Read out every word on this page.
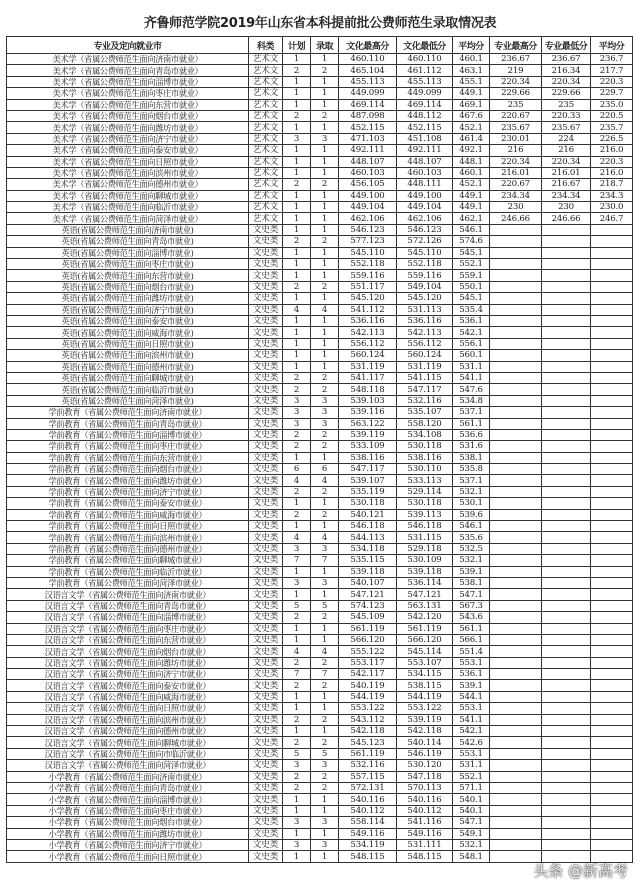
齐鲁师范学院2019年山东省本科提前批公费师范生录取情况表
专业及定向就业市	科类	计划	录取	文化最高分	文化最低分	平均分	专业最高分	专业最低分	平均分
美术学（省属公费师范生面向济南市就业）	艺术文	1	1	460.110	460.110	460.1	236.67	236.67	236.7
美术学（省属公费师范生面向青岛市就业）	艺术文	2	2	465.104	461.112	463.1	219	216.34	217.7
美术学（省属公费师范生面向淄博市就业）	艺术文	1	1	455.113	455.113	455.1	220.34	220.34	220.3
美术学（省属公费师范生面向枣庄市就业）	艺术文	1	1	449.099	449.099	449.1	229.66	229.66	229.7
美术学（省属公费师范生面向东营市就业）	艺术文	1	1	469.114	469.114	469.1	235	235	235.0
美术学（省属公费师范生面向烟台市就业）	艺术文	2	2	487.098	448.112	467.6	220.67	220.33	220.5
美术学（省属公费师范生面向潍坊市就业）	艺术文	1	1	452.115	452.115	452.1	235.67	235.67	235.7
美术学（省属公费师范生面向济宁市就业）	艺术文	3	3	471.103	451.108	461.4	230.01	224	226.5
美术学（省属公费师范生面向泰安市就业）	艺术文	1	1	492.111	492.111	492.1	216	216	216.0
美术学（省属公费师范生面向日照市就业）	艺术文	1	1	448.107	448.107	448.1	220.34	220.34	220.3
美术学（省属公费师范生面向滨州市就业）	艺术文	1	1	460.103	460.103	460.1	216.01	216.01	216.0
美术学（省属公费师范生面向德州市就业）	艺术文	2	2	456.105	448.111	452.1	220.67	216.67	218.7
美术学（省属公费师范生面向聊城市就业）	艺术文	1	1	449.100	449.100	449.1	234.34	234.34	234.3
美术学（省属公费师范生面向临沂市就业）	艺术文	1	1	449.104	449.104	449.1	230	230	230.0
美术学（省属公费师范生面向菏泽市就业）	艺术文	1	1	462.106	462.106	462.1	246.66	246.66	246.7
英语(省属公费师范生面向济南市就业)	文史类	1	1	546.123	546.123	546.1			
英语(省属公费师范生面向青岛市就业)	文史类	2	2	577.123	572.126	574.6			
英语(省属公费师范生面向淄博市就业)	文史类	1	1	545.110	545.110	545.1			
英语(省属公费师范生面向枣庄市就业)	文史类	1	1	552.118	552.118	552.1			
英语(省属公费师范生面向东营市就业)	文史类	1	1	559.116	559.116	559.1			
英语(省属公费师范生面向烟台市就业)	文史类	2	2	551.117	549.104	550.1			
英语(省属公费师范生面向潍坊市就业)	文史类	1	1	545.120	545.120	545.1			
英语(省属公费师范生面向济宁市就业)	文史类	4	4	541.112	531.113	535.4			
英语(省属公费师范生面向泰安市就业)	文史类	1	1	536.116	536.116	536.1			
英语(省属公费师范生面向威海市就业)	文史类	1	1	542.113	542.113	542.1			
英语(省属公费师范生面向日照市就业)	文史类	1	1	556.112	556.112	556.1			
英语(省属公费师范生面向滨州市就业)	文史类	1	1	560.124	560.124	560.1			
英语(省属公费师范生面向德州市就业)	文史类	1	1	531.119	531.119	531.1			
英语(省属公费师范生面向聊城市就业)	文史类	2	2	541.117	541.115	541.1			
英语(省属公费师范生面向临沂市就业)	文史类	2	2	548.118	547.117	547.6			
英语(省属公费师范生面向菏泽市就业)	文史类	3	3	539.103	532.116	534.8			
学前教育（省属公费师范生面向济南市就业）	文史类	3	3	539.116	535.107	537.1			
学前教育（省属公费师范生面向青岛市就业）	文史类	3	3	563.122	558.120	561.1			
学前教育（省属公费师范生面向淄博市就业）	文史类	2	2	539.119	534.108	536.6			
学前教育（省属公费师范生面向枣庄市就业）	文史类	2	2	533.109	530.118	531.6			
学前教育（省属公费师范生面向东营市就业）	文史类	1	1	538.116	538.116	538.1			
学前教育（省属公费师范生面向烟台市就业）	文史类	6	6	547.117	530.110	535.8			
学前教育（省属公费师范生面向潍坊市就业）	文史类	4	4	539.107	533.113	537.1			
学前教育（省属公费师范生面向济宁市就业）	文史类	2	2	535.119	529.114	532.1			
学前教育（省属公费师范生面向泰安市就业）	文史类	1	1	530.118	530.118	530.1			
学前教育（省属公费师范生面向威海市就业）	文史类	2	2	540.121	539.113	539.6			
学前教育（省属公费师范生面向日照市就业）	文史类	1	1	546.118	546.118	546.1			
学前教育（省属公费师范生面向滨州市就业）	文史类	4	4	544.113	531.115	535.6			
学前教育（省属公费师范生面向德州市就业）	文史类	3	3	534.118	529.118	532.5			
学前教育（省属公费师范生面向聊城市就业）	文史类	7	7	535.115	530.109	532.1			
学前教育（省属公费师范生面向临沂市就业）	文史类	1	1	539.118	539.118	539.1			
学前教育（省属公费师范生面向菏泽市就业）	文史类	3	3	540.107	536.114	538.1			
汉语言文学（省属公费师范生面向济南市就业）	文史类	1	1	547.121	547.121	547.1			
汉语言文学（省属公费师范生面向青岛市就业）	文史类	5	5	574.123	563.131	567.3			
汉语言文学（省属公费师范生面向淄博市就业）	文史类	2	2	545.109	542.120	543.6			
汉语言文学（省属公费师范生面向枣庄市就业）	文史类	1	1	561.119	561.119	561.1			
汉语言文学（省属公费师范生面向东营市就业）	文史类	1	1	566.120	566.120	566.1			
汉语言文学（省属公费师范生面向烟台市就业）	文史类	4	4	555.122	545.114	551.4			
汉语言文学（省属公费师范生面向潍坊市就业）	文史类	2	2	553.117	553.107	553.1			
汉语言文学（省属公费师范生面向济宁市就业）	文史类	7	7	542.117	534.115	536.1			
汉语言文学（省属公费师范生面向泰安市就业）	文史类	2	2	540.119	538.115	539.1			
汉语言文学（省属公费师范生面向威海市就业）	文史类	1	1	544.119	544.119	544.1			
汉语言文学（省属公费师范生面向日照市就业）	文史类	1	1	553.122	553.122	553.1			
汉语言文学（省属公费师范生面向滨州市就业）	文史类	2	2	543.112	539.119	541.1			
汉语言文学（省属公费师范生面向德州市就业）	文史类	1	1	542.118	542.118	542.1			
汉语言文学（省属公费师范生面向聊城市就业）	文史类	2	2	545.123	540.114	542.6			
汉语言文学（省属公费师范生面向市临沂就业）	文史类	5	5	561.119	546.119	553.1			
汉语言文学（省属公费师范生面向菏泽市就业）	文史类	3	3	532.116	530.120	531.1			
小学教育（省属公费师范生面向济南市就业）	文史类	2	2	557.115	547.118	552.1			
小学教育（省属公费师范生面向青岛市就业）	文史类	2	2	572.131	570.113	571.1			
小学教育（省属公费师范生面向淄博市就业）	文史类	1	1	540.116	540.116	540.1			
小学教育（省属公费师范生面向枣庄市就业）	文史类	1	1	540.112	540.112	540.1			
小学教育（省属公费师范生面向烟台市就业）	文史类	3	3	558.114	541.116	547.1			
小学教育（省属公费师范生面向潍坊市就业）	文史类	1	1	549.116	549.116	549.1			
小学教育（省属公费师范生面向济宁市就业）	文史类	3	3	534.119	531.111	532.1			
小学教育（省属公费师范生面向日照市就业）	文史类	1	1	548.115	548.115	548.1			
头条 @新高考
